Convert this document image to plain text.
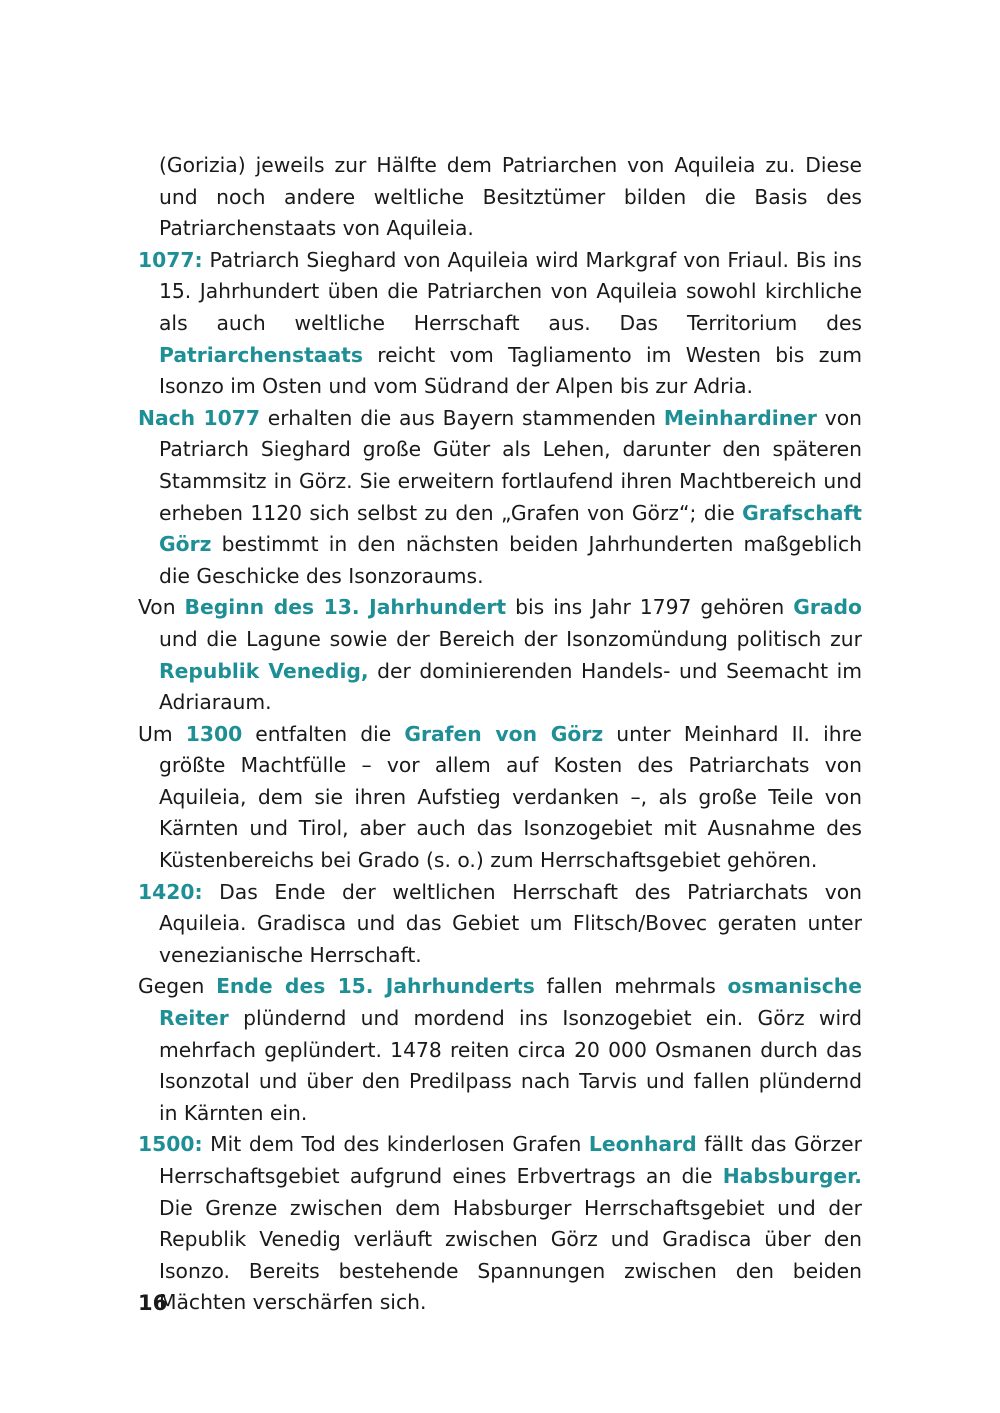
(Gorizia) jeweils zur Hälfte dem Patriarchen von Aquileia zu. Diese und noch andere weltliche Besitztümer bilden die Basis des Patriarchenstaats von Aquileia.

1077: Patriarch Sieghard von Aquileia wird Markgraf von Friaul. Bis ins 15. Jahrhundert üben die Patriarchen von Aquileia sowohl kirchliche als auch weltliche Herrschaft aus. Das Territorium des Patriarchenstaats reicht vom Tagliamento im Westen bis zum Isonzo im Osten und vom Südrand der Alpen bis zur Adria.

Nach 1077 erhalten die aus Bayern stammenden Meinhardiner von Patriarch Sieghard große Güter als Lehen, darunter den späteren Stammsitz in Görz. Sie erweitern fortlaufend ihren Machtbereich und erheben 1120 sich selbst zu den „Grafen von Görz“; die Grafschaft Görz bestimmt in den nächsten beiden Jahrhunderten maßgeblich die Geschicke des Isonzoraums.

Von Beginn des 13. Jahrhundert bis ins Jahr 1797 gehören Grado und die Lagune sowie der Bereich der Isonzomündung politisch zur Republik Venedig, der dominierenden Handels- und Seemacht im Adriaraum.

Um 1300 entfalten die Grafen von Görz unter Meinhard II. ihre größte Machtfülle – vor allem auf Kosten des Patriarchats von Aquileia, dem sie ihren Aufstieg verdanken –, als große Teile von Kärnten und Tirol, aber auch das Isonzogebiet mit Ausnahme des Küstenbereichs bei Grado (s. o.) zum Herrschaftsgebiet gehören.

1420: Das Ende der weltlichen Herrschaft des Patriarchats von Aquileia. Gradisca und das Gebiet um Flitsch/Bovec geraten unter venezianische Herrschaft.

Gegen Ende des 15. Jahrhunderts fallen mehrmals osmanische Reiter plündernd und mordend ins Isonzogebiet ein. Görz wird mehrfach geplündert. 1478 reiten circa 20 000 Osmanen durch das Isonzotal und über den Predilpass nach Tarvis und fallen plündernd in Kärnten ein.

1500: Mit dem Tod des kinderlosen Grafen Leonhard fällt das Görzer Herrschaftsgebiet aufgrund eines Erbvertrags an die Habsburger. Die Grenze zwischen dem Habsburger Herrschaftsgebiet und der Republik Venedig verläuft zwischen Görz und Gradisca über den Isonzo. Bereits bestehende Spannungen zwischen den beiden Mächten verschärfen sich.

16
